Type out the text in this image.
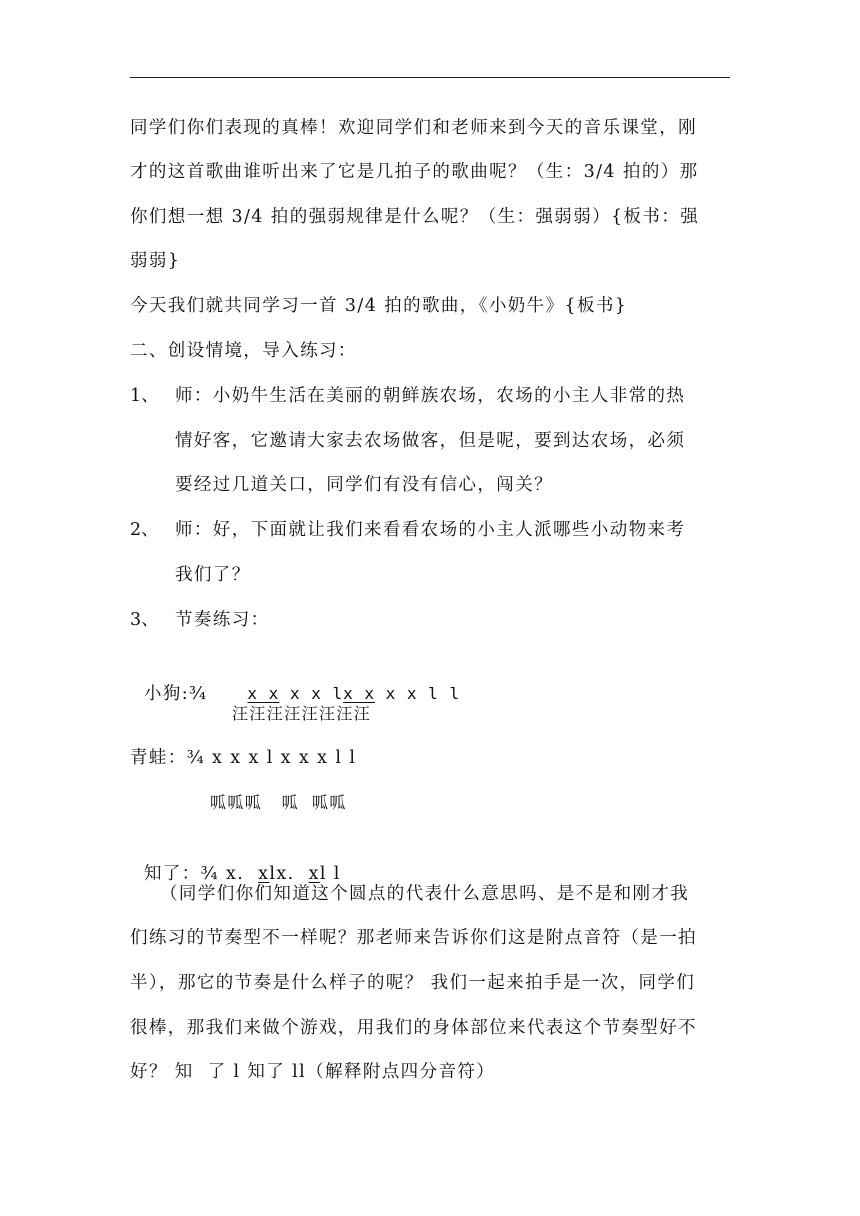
同学们你们表现的真棒！欢迎同学们和老师来到今天的音乐课堂，刚
才的这首歌曲谁听出来了它是几拍子的歌曲呢？（生：3/4 拍的）那
你们想一想 3/4 拍的强弱规律是什么呢？（生：强弱弱）{板书：强
弱弱}
今天我们就共同学习一首 3/4 拍的歌曲，《小奶牛》{板书}
二、创设情境，导入练习：
1、 师：小奶牛生活在美丽的朝鲜族农场，农场的小主人非常的热
情好客，它邀请大家去农场做客，但是呢，要到达农场，必须
要经过几道关口，同学们有没有信心，闯关？
2、 师：好，下面就让我们来看看农场的小主人派哪些小动物来考
我们了？
3、 节奏练习：

小狗:¾	x x x x lx x x x l l

汪汪汪汪汪汪汪汪
青蛙：¾ x x x l x x x l l
呱呱呱   呱  呱呱

知了：¾ x.  xlx.  xl l

（同学们你们知道这个圆点的代表什么意思吗、是不是和刚才我
们练习的节奏型不一样呢？那老师来告诉你们这是附点音符（是一拍
半），那它的节奏是什么样子的呢？ 我们一起来拍手是一次，同学们
很棒，那我们来做个游戏，用我们的身体部位来代表这个节奏型好不
好？ 知  了 l 知了 ll（解释附点四分音符）
